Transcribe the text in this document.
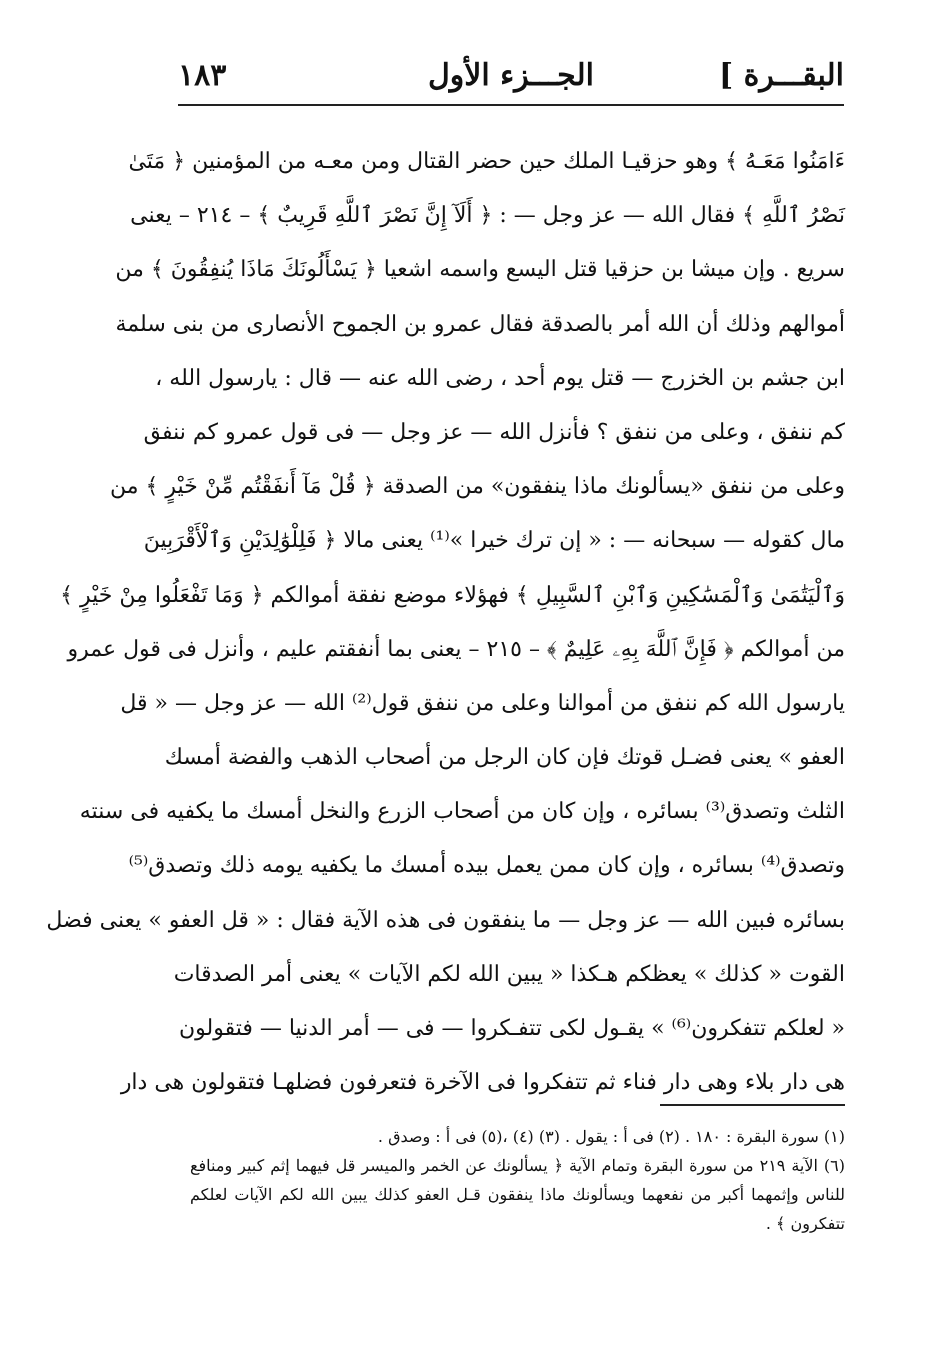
البقـــرة ]
الجـــزء الأول
١٨٣
ءَامَنُوا مَعَـهُ ﴾ وهو حزقيـا الملك حين حضر القتال ومن معـه من المؤمنين ﴿ مَتَىٰ
نَصْرُ ٱللَّهِ ﴾ فقال الله — عز وجل — : ﴿ أَلَآ إِنَّ نَصْرَ ٱللَّهِ قَرِيبٌ ﴾ – ٢١٤ – يعنى
سريع . وإن ميشا بن حزقيا قتل اليسع واسمه اشعيا ﴿ يَسْأَلُونَكَ مَاذَا يُنفِقُونَ ﴾ من
أموالهم وذلك أن الله أمر بالصدقة فقال عمرو بن الجموح الأنصارى من بنى سلمة
ابن جشم بن الخزرج — قتل يوم أحد ، رضى الله عنه — قال : يارسول الله ،
كم ننفق ، وعلى من ننفق ؟ فأنزل الله — عز وجل — فى قول عمرو كم ننفق
وعلى من ننفق «يسألونك ماذا ينفقون» من الصدقة ﴿ قُلْ مَآ أَنفَقْتُم مِّنْ خَيْرٍ ﴾ من
مال كقوله — سبحانه — : « إن ترك خيرا »⁽¹⁾ يعنى مالا ﴿ فَلِلْوَٰلِدَيْنِ وَٱلْأَقْرَبِينَ
وَٱلْيَتَٰمَىٰ وَٱلْمَسَٰكِينِ وَٱبْنِ ٱلسَّبِيلِ ﴾ فهؤلاء موضع نفقة أموالكم ﴿ وَمَا تَفْعَلُوا مِنْ خَيْرٍ ﴾
من أموالكم ﴿ فَإِنَّ ٱللَّهَ بِهِۦ عَلِيمٌ ﴾ – ٢١٥ – يعنى بما أنفقتم عليم ، وأنزل فى قول عمرو
يارسول الله كم ننفق من أموالنا وعلى من ننفق قول⁽²⁾ الله — عز وجل — « قل
العفو » يعنى فضـل قوتك فإن كان الرجل من أصحاب الذهب والفضة أمسك
الثلث وتصدق⁽³⁾ بسائره ، وإن كان من أصحاب الزرع والنخل أمسك ما يكفيه فى سنته
وتصدق⁽⁴⁾ بسائره ، وإن كان ممن يعمل بيده أمسك ما يكفيه يومه ذلك وتصدق⁽⁵⁾
بسائره فبين الله — عز وجل — ما ينفقون فى هذه الآية فقال : « قل العفو » يعنى فضل
القوت « كذلك » يعظكم هـكذا « يبين الله لكم الآيات » يعنى أمر الصدقات
« لعلكم تتفكرون⁽⁶⁾ » يقـول لكى تتفـكروا — فى — أمر الدنيا — فتقولون
هى دار بلاء وهى دار فناء ثم تتفكروا فى الآخرة فتعرفون فضلهـا فتقولون هى دار
(١) سورة البقرة : ١٨٠ . (٢) فى أ : يقول . (٣) (٤) ،(٥) فى أ : وصدق .
(٦) الآية ٢١٩ من سورة البقرة وتمام الآية ﴿ يسألونك عن الخمر والميسر قل فيهما إثم كبير ومنافع
للناس وإثمهما أكبر من نفعهما ويسألونك ماذا ينفقون قـل العفو كذلك يبين الله لكم الآيات لعلكم
تتفكرون ﴾ .
